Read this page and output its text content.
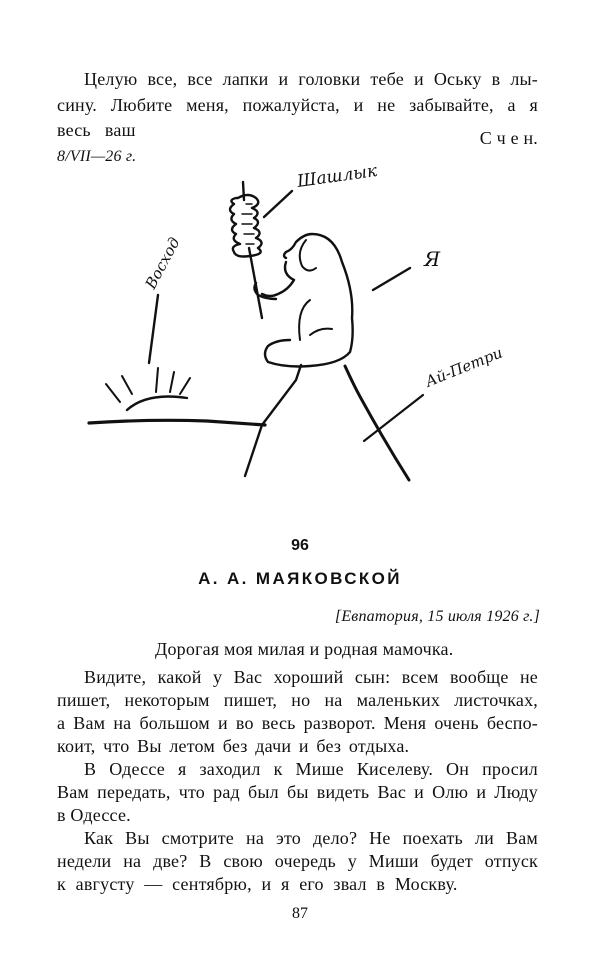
Целую все, все лапки и головки тебе и Оську в лы-
сину. Любите меня, пожалуйста, и не забывайте, а я
весь   ваш	С ч е н.
8/VII—26 г.
Шашлык
Восход	Я
Ай-Петри
96
А. А. МАЯКОВСКОЙ
[Евпатория, 15 июля 1926 г.]
Дорогая моя милая и родная мамочка.
Видите, какой у Вас хороший сын: всем вообще не
пишет, некоторым пишет, но на маленьких листочках,
а Вам на большом и во весь разворот. Меня очень беспо-
коит, что Вы летом без дачи и без отдыха.
В Одессе я заходил к Мише Киселеву. Он просил
Вам передать, что рад был бы видеть Вас и Олю и Люду
в Одессе.
Как Вы смотрите на это дело? Не поехать ли Вам
недели на две? В свою очередь у Миши будет отпуск
к августу — сентябрю, и я его звал в Москву.
87
